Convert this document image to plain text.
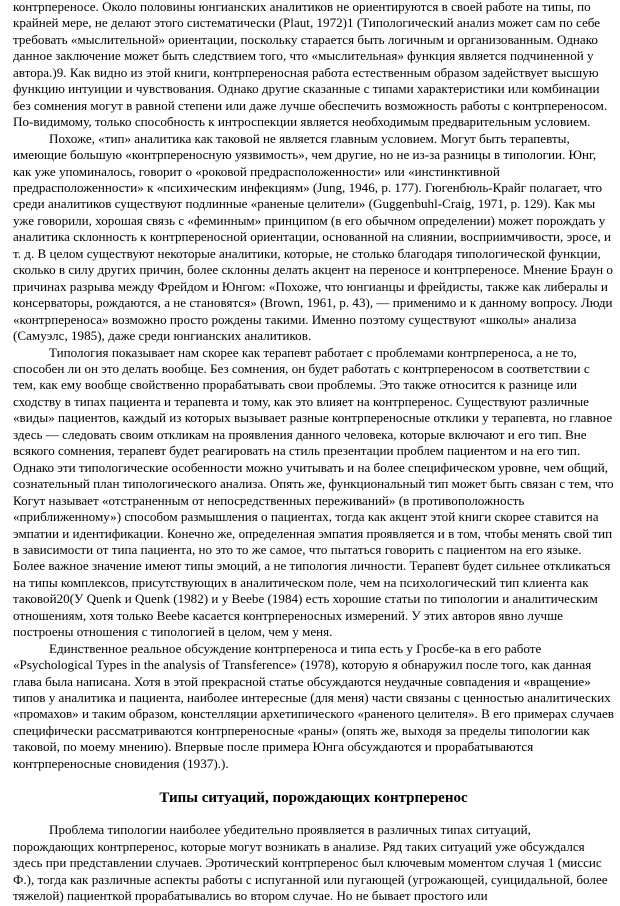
контрпереносе. Около половины юнгианских аналитиков не ориентируются в своей работе на типы, по крайней мере, не делают этого систематически (Plaut, 1972)1 (Типологический анализ может сам по себе требовать «мыслительной» ориентации, поскольку старается быть логичным и организованным. Однако данное заключение может быть следствием того, что «мыслительная» функция является подчиненной у автора.)9. Как видно из этой книги, контрпереносная работа естественным образом задействует высшую функцию интуиции и чувствования. Однако другие сказанные с типами характеристики или комбинации без сомнения могут в равной степени или даже лучше обеспечить возможность работы с контрпереносом. По-видимому, только способность к интроспекции является необходимым предварительным условием.

Похоже, «тип» аналитика как таковой не является главным условием. Могут быть терапевты, имеющие большую «контрпереносную уязвимость», чем другие, но не из-за разницы в типологии. Юнг, как уже упоминалось, говорит о «роковой предрасположенности» или «инстинктивной предрасположенности» к «психическим инфекциям» (Jung, 1946, р. 177). Гюгенбюль-Крайг полагает, что среди аналитиков существуют подлинные «раненые целители» (Guggenbuhl-Craig, 1971, р. 129). Как мы уже говорили, хорошая связь с «феминным» принципом (в его обычном определении) может порождать у аналитика склонность к контрпереносной ориентации, основанной на слиянии, восприимчивости, эросе, и т. д. В целом существуют некоторые аналитики, которые, не столько благодаря типологической функции, сколько в силу других причин, более склонны делать акцент на переносе и контрпереносе. Мнение Браун о причинах разрыва между Фрейдом и Юнгом: «Похоже, что юнгианцы и фрейдисты, также как либералы и консерваторы, рождаются, а не становятся» (Brown, 1961, р. 43), — применимо и к данному вопросу. Люди «контрпереноса» возможно просто рождены такими. Именно поэтому существуют «школы» анализа (Самуэлс, 1985), даже среди юнгианских аналитиков.

Типология показывает нам скорее как терапевт работает с проблемами контрпереноса, а не то, способен ли он это делать вообще. Без сомнения, он будет работать с контрпереносом в соответствии с тем, как ему вообще свойственно прорабатывать свои проблемы. Это также относится к разнице или сходству в типах пациента и терапевта и тому, как это влияет на контрперенос. Существуют различные «виды» пациентов, каждый из которых вызывает разные контрпереносные отклики у терапевта, но главное здесь — следовать своим откликам на проявления данного человека, которые включают и его тип. Вне всякого сомнения, терапевт будет реагировать на стиль презентации проблем пациентом и на его тип. Однако эти типологические особенности можно учитывать и на более специфическом уровне, чем общий, сознательный план типологического анализа. Опять же, функциональный тип может быть связан с тем, что Когут называет «отстраненным от непосредственных переживаний» (в противоположность «приближенному») способом размышления о пациентах, тогда как акцент этой книги скорее ставится на эмпатии и идентификации. Конечно же, определенная эмпатия проявляется и в том, чтобы менять свой тип в зависимости от типа пациента, но это то же самое, что пытаться говорить с пациентом на его языке. Более важное значение имеют типы эмоций, а не типология личности. Терапевт будет сильнее откликаться на типы комплексов, присутствующих в аналитическом поле, чем на психологический тип клиента как таковой20(У Quenk и Quenk (1982) и у Beebe (1984) есть хорошие статьи по типологии и аналитическим отношениям, хотя только Beebe касается контрпереносных измерений. У этих авторов явно лучше построены отношения с типологией в целом, чем у меня.

Единственное реальное обсуждение контрпереноса и типа есть у Гросбе-ка в его работе «Psychological Types in the analysis of Transference» (1978), которую я обнаружил после того, как данная глава была написана. Хотя в этой прекрасной статье обсуждаются неудачные совпадения и «вращение» типов у аналитика и пациента, наиболее интересные (для меня) части связаны с ценностью аналитических «промахов» и таким образом, констелляции архетипического «раненого целителя». В его примерах случаев специфически рассматриваются контрпереносные «раны» (опять же, выходя за пределы типологии как таковой, по моему мнению). Впервые после примера Юнга обсуждаются и прорабатываются контрпереносные сновидения (1937).).

Типы ситуаций, порождающих контрперенос

Проблема типологии наиболее убедительно проявляется в различных типах ситуаций, порождающих контрперенос, которые могут возникать в анализе. Ряд таких ситуаций уже обсуждался здесь при представлении случаев. Эротический контрперенос был ключевым моментом случая 1 (миссис Ф.), тогда как различные аспекты работы с испуганной или пугающей (угрожающей, суицидальной, более тяжелой) пациенткой прорабатывались во втором случае. Но не бывает простого или
